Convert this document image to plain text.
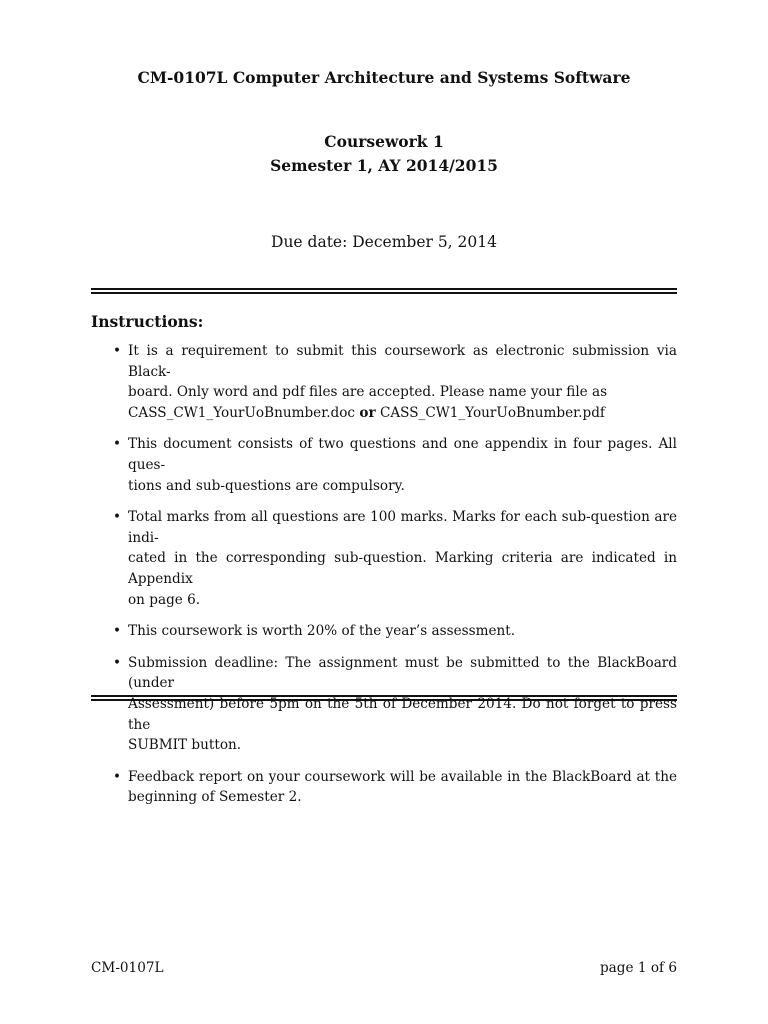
CM-0107L Computer Architecture and Systems Software
Coursework 1
Semester 1, AY 2014/2015
Due date: December 5, 2014
Instructions:
• It is a requirement to submit this coursework as electronic submission via Black-
board. Only word and pdf files are accepted. Please name your file as
CASS_CW1_YourUoBnumber.doc or CASS_CW1_YourUoBnumber.pdf
• This document consists of two questions and one appendix in four pages. All ques-
tions and sub-questions are compulsory.
• Total marks from all questions are 100 marks. Marks for each sub-question are indi-
cated in the corresponding sub-question. Marking criteria are indicated in Appendix
on page 6.
• This coursework is worth 20% of the year’s assessment.
• Submission deadline: The assignment must be submitted to the BlackBoard (under
Assessment) before 5pm on the 5th of December 2014. Do not forget to press the
SUBMIT button.
• Feedback report on your coursework will be available in the BlackBoard at the
beginning of Semester 2.
CM-0107L	page 1 of 6
